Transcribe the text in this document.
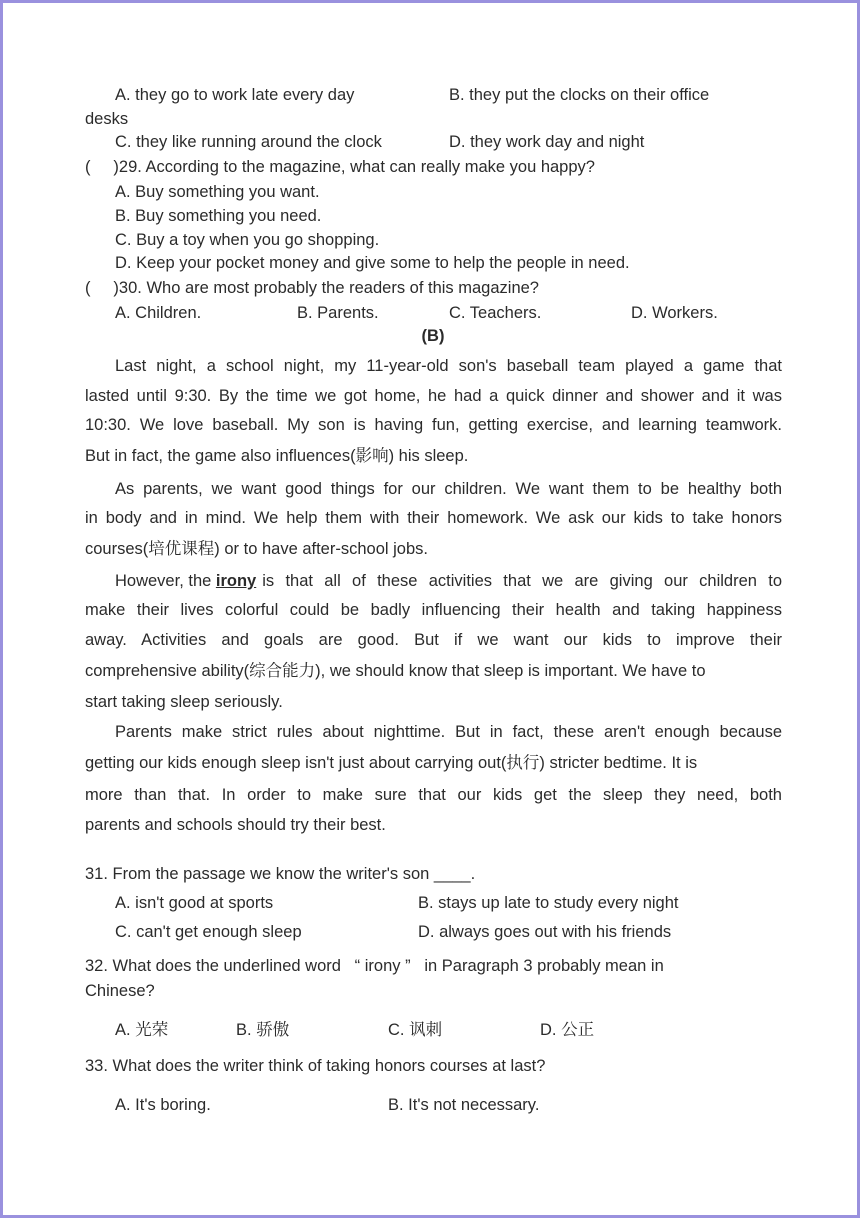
A. they go to work late every day	B. they put the clocks on their office
desks
C. they like running around the clock	D. they work day and night
(     )29. According to the magazine, what can really make you happy?
A. Buy something you want.
B. Buy something you need.
C. Buy a toy when you go shopping.
D. Keep your pocket money and give some to help the people in need.
(     )30. Who are most probably the readers of this magazine?
A. Children.	B. Parents.	C. Teachers.	D. Workers.
(B)
Last night, a school night, my 11-year-old son's baseball team played a game that
lasted until 9:30. By the time we got home, he had a quick dinner and shower and it was
10:30. We love baseball. My son is having fun, getting exercise, and learning teamwork.
But in fact, the game also influences(影响) his sleep.
As parents, we want good things for our children. We want them to be healthy both
in body and in mind. We help them with their homework. We ask our kids to take honors
courses(培优课程) or to have after-school jobs.
However, the irony is that all of these activities that we are giving our children to
make their lives colorful could be badly influencing their health and taking happiness
away. Activities and goals are good. But if we want our kids to improve their
comprehensive ability(综合能力), we should know that sleep is important. We have to
start taking sleep seriously.
Parents make strict rules about nighttime. But in fact, these aren't enough because
getting our kids enough sleep isn't just about carrying out(执行) stricter bedtime. It is
more than that. In order to make sure that our kids get the sleep they need, both
parents and schools should try their best.
31. From the passage we know the writer's son ____.
A. isn't good at sports	B. stays up late to study every night
C. can't get enough sleep	D. always goes out with his friends
32. What does the underlined word   “ irony ”   in Paragraph 3 probably mean in
Chinese?
A. 光荣	B. 骄傲	C. 讽刺	D. 公正
33. What does the writer think of taking honors courses at last?
A. It's boring.	B. It's not necessary.
